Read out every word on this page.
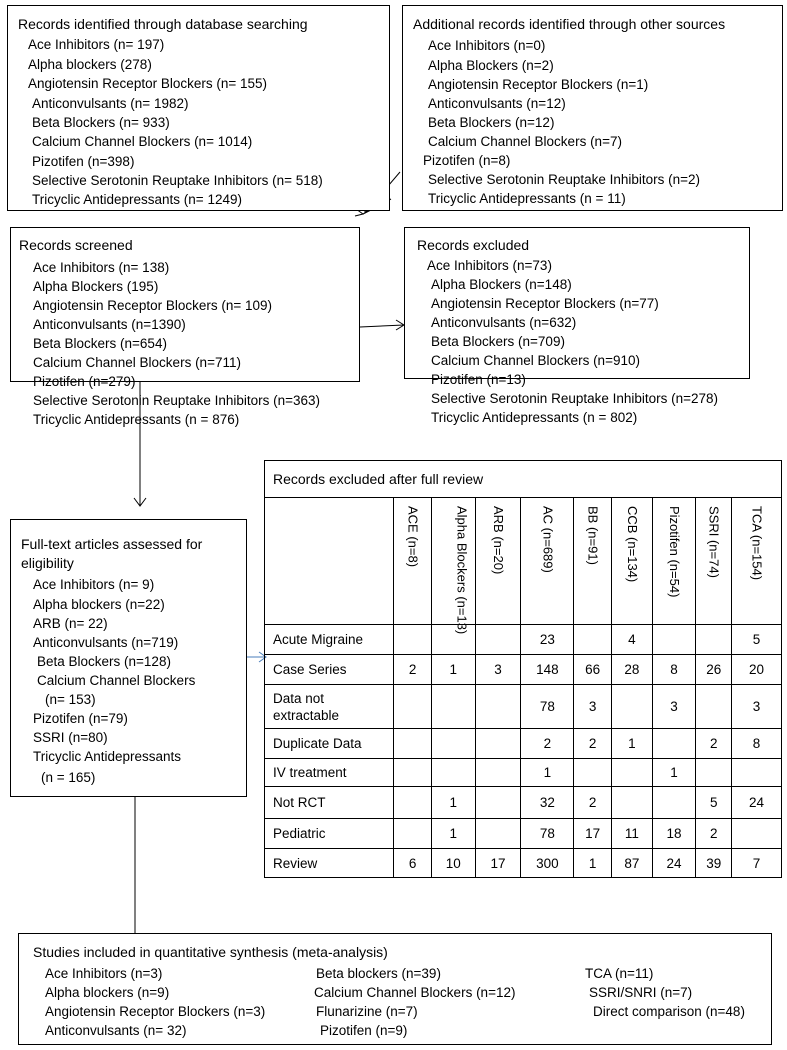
Records identified through database searching
Ace Inhibitors (n= 197)
Alpha blockers (278)
Angiotensin Receptor Blockers (n= 155)
Anticonvulsants (n= 1982)
Beta Blockers (n= 933)
Calcium Channel Blockers (n= 1014)
Pizotifen (n=398)
Selective Serotonin Reuptake Inhibitors (n= 518)
Tricyclic Antidepressants (n= 1249)
Additional records identified through other sources
Ace Inhibitors (n=0)
Alpha Blockers (n=2)
Angiotensin Receptor Blockers (n=1)
Anticonvulsants (n=12)
Beta Blockers (n=12)
Calcium Channel Blockers (n=7)
Pizotifen (n=8)
Selective Serotonin Reuptake Inhibitors (n=2)
Tricyclic Antidepressants (n = 11)
Records screened
Ace Inhibitors (n= 138)
Alpha Blockers (195)
Angiotensin Receptor Blockers (n= 109)
Anticonvulsants (n=1390)
Beta Blockers (n=654)
Calcium Channel Blockers (n=711)
Pizotifen (n=279)
Selective Serotonin Reuptake Inhibitors (n=363)
Tricyclic Antidepressants (n = 876)
Records excluded
Ace Inhibitors (n=73)
Alpha Blockers (n=148)
Angiotensin Receptor Blockers (n=77)
Anticonvulsants (n=632)
Beta Blockers (n=709)
Calcium Channel Blockers (n=910)
Pizotifen (n=13)
Selective Serotonin Reuptake Inhibitors (n=278)
Tricyclic Antidepressants (n = 802)
Full-text articles assessed for
eligibility
Ace Inhibitors (n= 9)
Alpha blockers (n=22)
ARB (n= 22)
Anticonvulsants (n=719)
Beta Blockers (n=128)
Calcium Channel Blockers
(n= 153)
Pizotifen (n=79)
SSRI (n=80)
Tricyclic Antidepressants
(n = 165)
Records excluded after full review									

	ACE (n=8)	Alpha Blockers (n=13)	ARB (n=20)	AC (n=689)	BB (n=91)	CCB (n=134)	Pizotifen (n=54)	SSRI (n=74)	TCA (n=154)

Acute Migraine				23		4			5
Case Series	2	1	3	148	66	28	8	26	20
Data not extractable				78	3		3		3
Duplicate Data				2	2	1		2	8
IV treatment				1			1		
Not RCT		1		32	2			5	24
Pediatric		1		78	17	11	18	2	
Review	6	10	17	300	1	87	24	39	7
Studies included in quantitative synthesis (meta-analysis)
Ace Inhibitors (n=3)
Alpha blockers (n=9)
Angiotensin Receptor Blockers (n=3)
Anticonvulsants (n= 32)
Beta blockers (n=39)
Calcium Channel Blockers (n=12)
Flunarizine (n=7)
Pizotifen (n=9)
TCA (n=11)
SSRI/SNRI (n=7)
Direct comparison (n=48)
